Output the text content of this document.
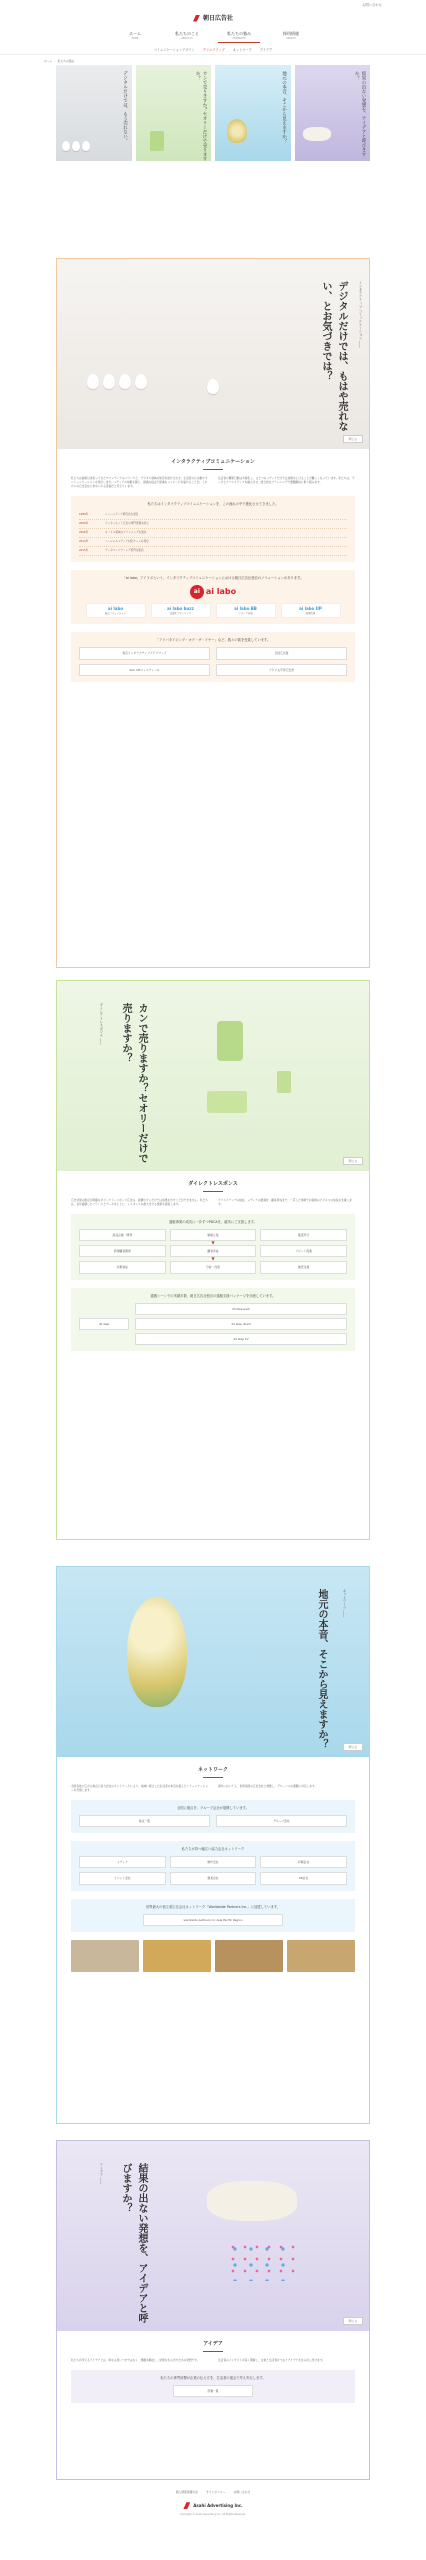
お問い合わせ
朝日広告社
ホーム
HOME
私たちのこと
ABOUT US
私たちの強み
STRENGTHS
採用情報
RECRUIT
コミュニケーションデザイン	クリエイティブ	ネットワーク	アイデア
ホーム › 私たちの強み
デジタルだけでは、もう売れない。	カンで売りますか？セオリーだけで売りますか？	地元の本音、そこから見えますか？	結果の出ない発想を、アイデアと呼びますか？
デジタルだけでは、もはや売れない、とお気づきでは？	インタラクティブ コミュニケーション ——
閉じる
インタラクティブコミュニケーション

私たちは創業以来培ってきたマスメディアのノウハウと、デジタル領域の知見を掛け合わせ、生活者の心を動かすコミュニケーションを設計します。メディアの垣根を越え、最適な接点で最適なメッセージを届けることが、これからの広告会社に求められる役割だと考えています。

生活者の購買行動は多様化し、ひとつのメディアだけでは成果を上げることが難しくなっています。私たちは、データとクリエイティブを融合させ、統合的なプランニングで課題解決に取り組みます。

私たちはインタラクティブコミュニケーションを、この流れの中で進化させてきました。
1989年	ニューメディア研究会を発足
2000年	インターネット広告の専門部署を設立
2006年	モバイル領域のプランニングを強化
2012年	ソーシャルメディア対応チームを発足
2015年	データマーケティング部門を新設
「ai labo」アイラボという、インタラクティブコミュニケーションにおける朝日広告社独自のソリューションがあります。
ai ai labo
ai labo
統合ソリューション
ai labo buzz
話題化プランニング
ai labo BB
ブランド育成
ai labo UP
成果改善
「アドバタイジング・オブ・ザ・イヤー」など、数々の賞を受賞しています。
東京インタラクティブアドアワード	日経広告賞
ACC CMフェスティバル	アジア太平洋広告祭
カンで売りますか？セオリーだけで売りますか？
ダイレクトレスポンス ——
閉じる
ダイレクトレスポンス

広告効果の測定が明確なダイレクトレスポンス広告は、経験やカンだけでは成果を出すことができません。私たちは、長年蓄積したノウハウとデータをもとに、レスポンスを最大化する施策を提案します。

クリエイティブの検証、メディアの最適化、顧客育成まで、一貫した体制でお客様のビジネスの成長を支援します。

通販事業の成功に一歩ずつPDCAを、確実にご支援します。
商品企画・開発	戦略立案	販促実行
▼
新規顧客獲得	顧客育成	リピート促進
▼
効果検証	分析・改善	継続支援
通販シーンでの実績多数、朝日広告社独自の通販支援パッケージを用意しています。
dd step
dd step pack
dd step direct
dd step TV
地元の本音、そこから見えますか？	ネットワーク ——
閉じる
ネットワーク

全国各地に広がる拠点と協力会社のネットワークにより、地域に根ざした生活者の本音を捉えたコミュニケーションを実現します。

海外においても、世界各国の広告会社と連携し、グローバルな課題に対応します。

全国に拠点を、グループ会社が展開しています。
拠点一覧	グループ会社
私たちが持つ幅広い協力会社ネットワーク
メディア	制作会社	印刷会社
イベント会社	調査会社	PR会社
世界最大の独立系広告会社ネットワーク「Worldwide Partners Inc.」に加盟しています。
worldwide partners inc Asia Pacific Region
結果の出ない発想を、アイデアと呼びますか？
アイデア ——
閉じる
アイデア

私たちが考えるアイデアとは、単なる思いつきではなく、課題を解決し、結果を生み出すための発想です。	生活者のインサイトを深く理解し、企業と生活者をつなぐアイデアを生み出し続けます。

私たちの専門部署が企業の伝え方を、生活者の視点で考え実行します。
部署一覧
個人情報保護方針	サイトポリシー	お問い合わせ
Asahi Advertising Inc.
Copyright © Asahi Advertising Inc. All Rights Reserved.
